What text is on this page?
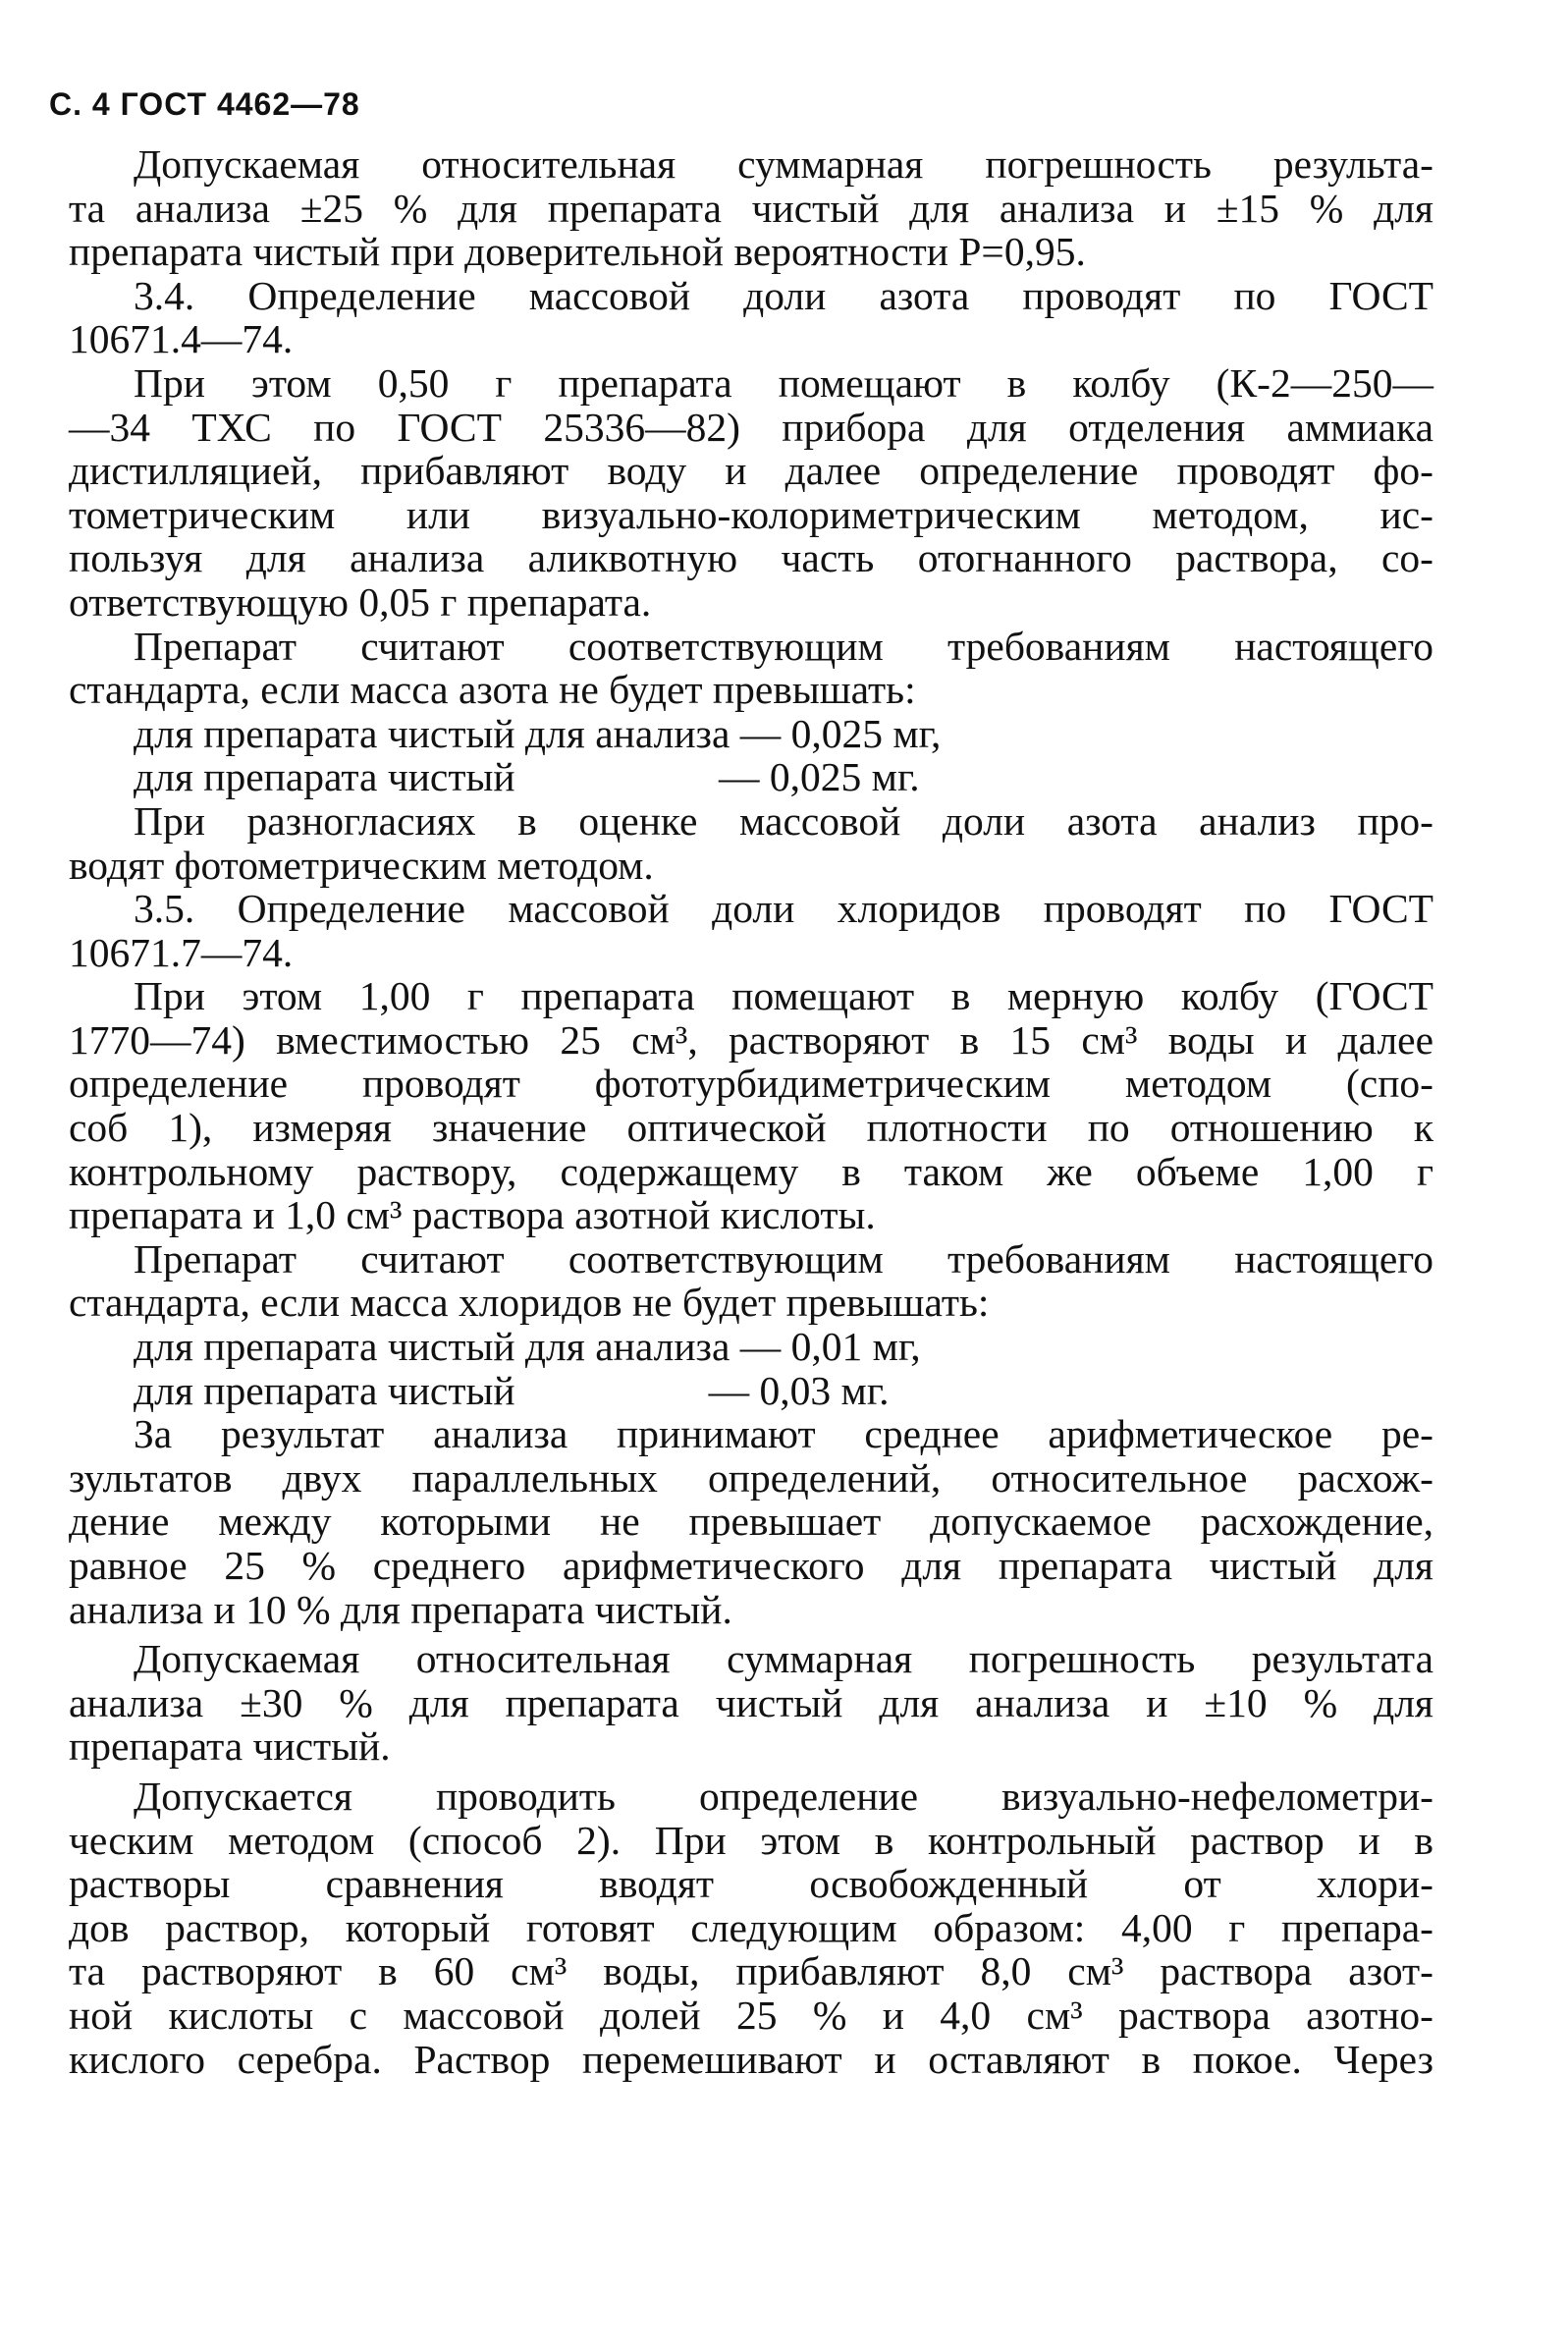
С. 4 ГОСТ 4462—78
Допускаемая относительная суммарная погрешность результа-
та анализа ±25 % для препарата чистый для анализа и ±15 % для
препарата чистый при доверительной вероятности P=0,95.
3.4. Определение массовой доли азота проводят по ГОСТ
10671.4—74.
При этом 0,50 г препарата помещают в колбу (К-2—250—
—34 ТХС по ГОСТ 25336—82) прибора для отделения аммиака
дистилляцией, прибавляют воду и далее определение проводят фо-
тометрическим или визуально-колориметрическим методом, ис-
пользуя для анализа аликвотную часть отогнанного раствора, со-
ответствующую 0,05 г препарата.
Препарат считают соответствующим требованиям настоящего
стандарта, если масса азота не будет превышать:
для препарата чистый для анализа — 0,025 мг,
для препарата чистый                    — 0,025 мг.
При разногласиях в оценке массовой доли азота анализ про-
водят фотометрическим методом.
3.5. Определение массовой доли хлоридов проводят по ГОСТ
10671.7—74.
При этом 1,00 г препарата помещают в мерную колбу (ГОСТ
1770—74) вместимостью 25 см³, растворяют в 15 см³ воды и далее
определение проводят фототурбидиметрическим методом (спо-
соб 1), измеряя значение оптической плотности по отношению к
контрольному раствору, содержащему в таком же объеме 1,00 г
препарата и 1,0 см³ раствора азотной кислоты.
Препарат считают соответствующим требованиям настоящего
стандарта, если масса хлоридов не будет превышать:
для препарата чистый для анализа — 0,01 мг,
для препарата чистый                   — 0,03 мг.
За результат анализа принимают среднее арифметическое ре-
зультатов двух параллельных определений, относительное расхож-
дение между которыми не превышает допускаемое расхождение,
равное 25 % среднего арифметического для препарата чистый для
анализа и 10 % для препарата чистый.
Допускаемая относительная суммарная погрешность результата
анализа ±30 % для препарата чистый для анализа и ±10 % для
препарата чистый.
Допускается проводить определение визуально-нефелометри-
ческим методом (способ 2). При этом в контрольный раствор и в
растворы сравнения вводят освобожденный от хлори-
дов раствор, который готовят следующим образом: 4,00 г препара-
та растворяют в 60 см³ воды, прибавляют 8,0 см³ раствора азот-
ной кислоты с массовой долей 25 % и 4,0 см³ раствора азотно-
кислого серебра. Раствор перемешивают и оставляют в покое. Через
